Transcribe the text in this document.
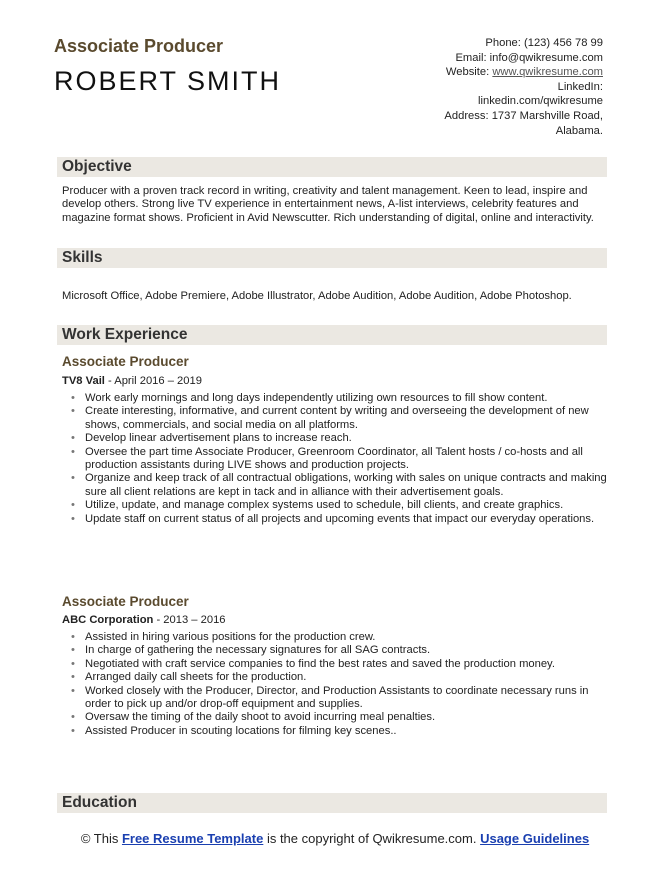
Associate Producer
ROBERT SMITH
Phone: (123) 456 78 99
Email: info@qwikresume.com
Website: www.qwikresume.com
LinkedIn:
linkedin.com/qwikresume
Address: 1737 Marshville Road,
Alabama.
Objective
Producer with a proven track record in writing, creativity and talent management. Keen to lead, inspire and develop others. Strong live TV experience in entertainment news, A-list interviews, celebrity features and magazine format shows. Proficient in Avid Newscutter. Rich understanding of digital, online and interactivity.
Skills
Microsoft Office, Adobe Premiere, Adobe Illustrator, Adobe Audition, Adobe Audition, Adobe Photoshop.
Work Experience
Associate Producer
TV8 Vail - April 2016 – 2019
• Work early mornings and long days independently utilizing own resources to fill show content.
• Create interesting, informative, and current content by writing and overseeing the development of new shows, commercials, and social media on all platforms.
• Develop linear advertisement plans to increase reach.
• Oversee the part time Associate Producer, Greenroom Coordinator, all Talent hosts / co-hosts and all production assistants during LIVE shows and production projects.
• Organize and keep track of all contractual obligations, working with sales on unique contracts and making sure all client relations are kept in tack and in alliance with their advertisement goals.
• Utilize, update, and manage complex systems used to schedule, bill clients, and create graphics.
• Update staff on current status of all projects and upcoming events that impact our everyday operations.
Associate Producer
ABC Corporation - 2013 – 2016
• Assisted in hiring various positions for the production crew.
• In charge of gathering the necessary signatures for all SAG contracts.
• Negotiated with craft service companies to find the best rates and saved the production money.
• Arranged daily call sheets for the production.
• Worked closely with the Producer, Director, and Production Assistants to coordinate necessary runs in order to pick up and/or drop-off equipment and supplies.
• Oversaw the timing of the daily shoot to avoid incurring meal penalties.
• Assisted Producer in scouting locations for filming key scenes..
Education
© This Free Resume Template is the copyright of Qwikresume.com. Usage Guidelines
